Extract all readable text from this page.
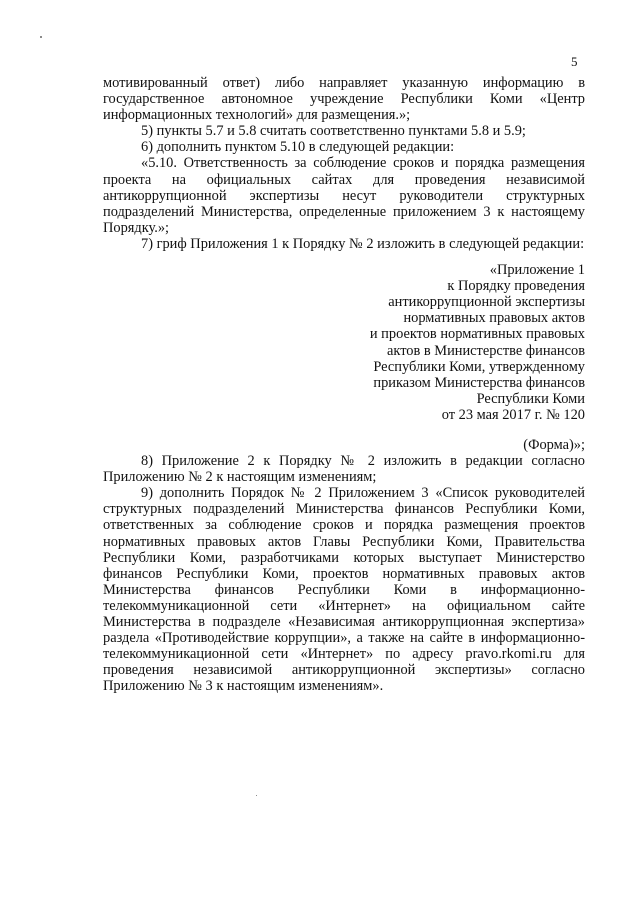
5

мотивированный ответ) либо направляет указанную информацию в государственное автономное учреждение Республики Коми «Центр информационных технологий» для размещения.»;

5) пункты 5.7 и 5.8 считать соответственно пунктами 5.8 и 5.9;

6) дополнить пунктом 5.10 в следующей редакции:

«5.10. Ответственность за соблюдение сроков и порядка размещения проекта на официальных сайтах для проведения независимой антикоррупционной экспертизы несут руководители структурных подразделений Министерства, определенные приложением 3 к настоящему Порядку.»;

7) гриф Приложения 1 к Порядку № 2 изложить в следующей редакции:

«Приложение 1
к Порядку проведения
антикоррупционной экспертизы
нормативных правовых актов
и проектов нормативных правовых
актов в Министерстве финансов
Республики Коми, утвержденному
приказом Министерства финансов
Республики Коми
от 23 мая 2017 г. № 120
(Форма)»;

8) Приложение 2 к Порядку № 2 изложить в редакции согласно Приложению № 2 к настоящим изменениям;

9) дополнить Порядок № 2 Приложением 3 «Список руководителей структурных подразделений Министерства финансов Республики Коми, ответственных за соблюдение сроков и порядка размещения проектов нормативных правовых актов Главы Республики Коми, Правительства Республики Коми, разработчиками которых выступает Министерство финансов Республики Коми, проектов нормативных правовых актов Министерства финансов Республики Коми в информационно-телекоммуникационной сети «Интернет» на официальном сайте Министерства в подразделе «Независимая антикоррупционная экспертиза» раздела «Противодействие коррупции», а также на сайте в информационно-телекоммуникационной сети «Интернет» по адресу pravo.rkomi.ru для проведения независимой антикоррупционной экспертизы» согласно Приложению № 3 к настоящим изменениям».
